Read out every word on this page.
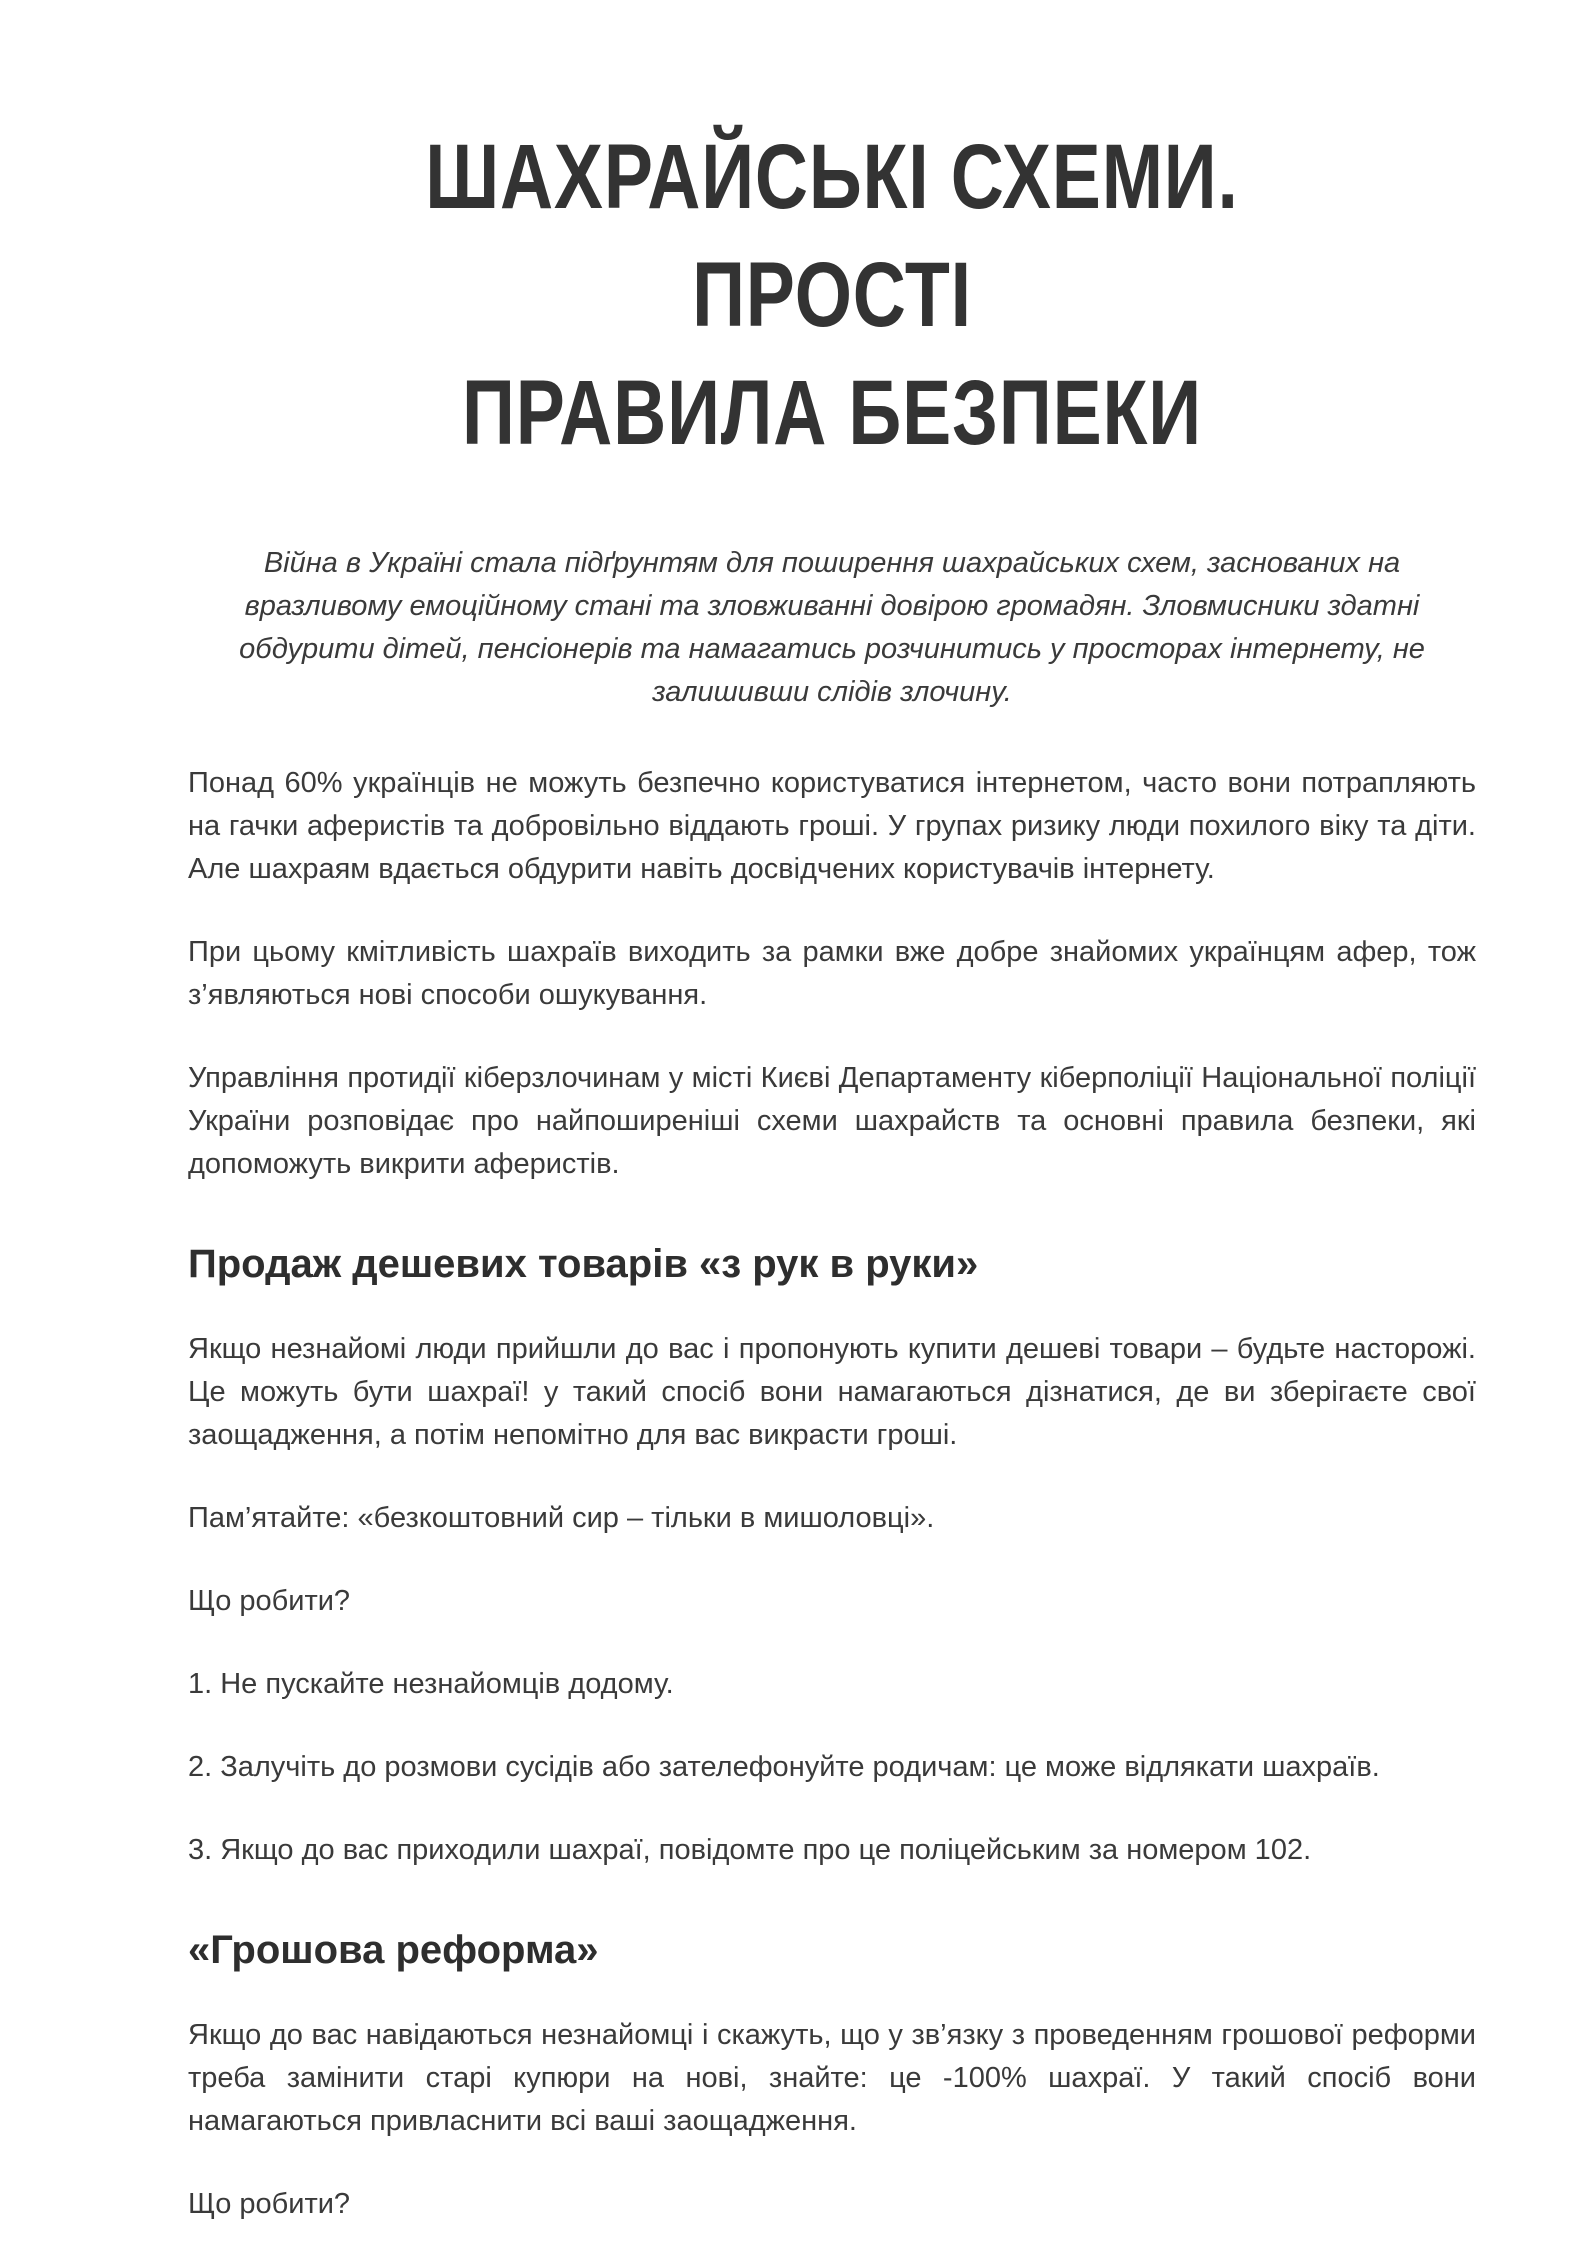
ШАХРАЙСЬКІ СХЕМИ. ПРОСТІ
ПРАВИЛА БЕЗПЕКИ

Війна в Україні стала підґрунтям для поширення шахрайських схем, заснованих на вразливому емоційному стані та зловживанні довірою громадян. Зловмисники здатні обдурити дітей, пенсіонерів та намагатись розчинитись у просторах інтернету, не залишивши слідів злочину.

Понад 60% українців не можуть безпечно користуватися інтернетом, часто вони потрапляють на гачки аферистів та добровільно віддають гроші. У групах ризику люди похилого віку та діти. Але шахраям вдається обдурити навіть досвідчених користувачів інтернету.

При цьому кмітливість шахраїв виходить за рамки вже добре знайомих українцям афер, тож з’являються нові способи ошукування.

Управління протидії кіберзлочинам у місті Києві Департаменту кіберполіції Національної поліції України розповідає про найпоширеніші схеми шахрайств та основні правила безпеки, які допоможуть викрити аферистів.

Продаж дешевих товарів «з рук в руки»

Якщо незнайомі люди прийшли до вас і пропонують купити дешеві товари – будьте насторожі. Це можуть бути шахраї! у такий спосіб вони намагаються дізнатися, де ви зберігаєте свої заощадження, а потім непомітно для вас викрасти гроші.

Пам’ятайте: «безкоштовний сир – тільки в мишоловці».

Що робити?

1. Не пускайте незнайомців додому.

2. Залучіть до розмови сусідів або зателефонуйте родичам: це може відлякати шахраїв.

3. Якщо до вас приходили шахраї, повідомте про це поліцейським за номером 102.

«Грошова реформа»

Якщо до вас навідаються незнайомці і скажуть, що у зв’язку з проведенням грошової реформи треба замінити старі купюри на нові, знайте: це -100% шахраї. У такий спосіб вони намагаються привласнити всі ваші заощадження.

Що робити?
